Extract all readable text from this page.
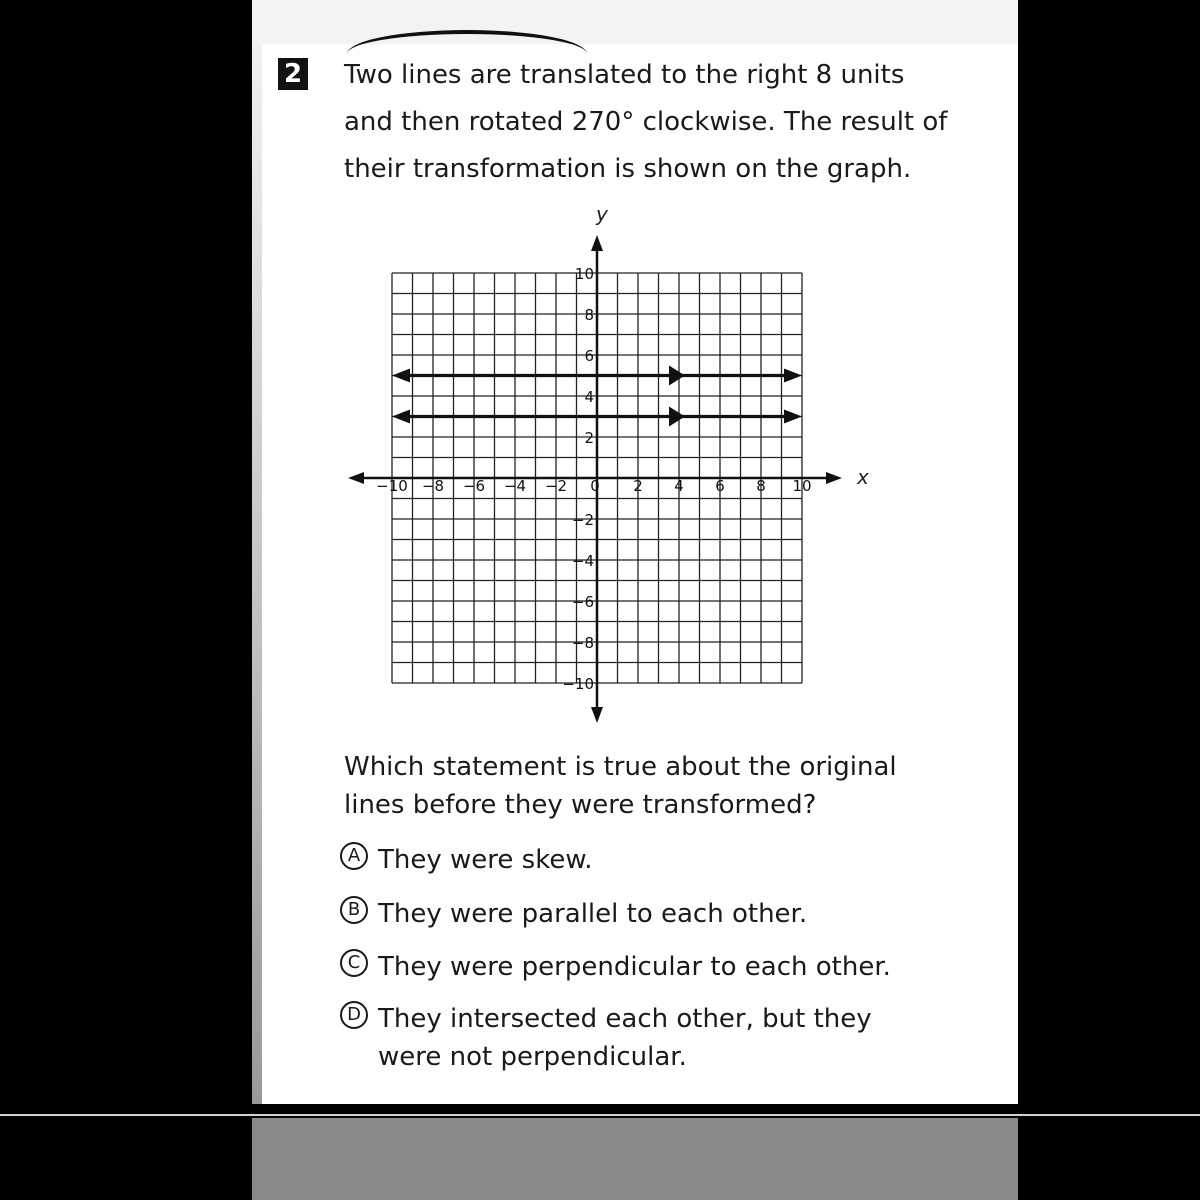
2 Two lines are translated to the right 8 units
and then rotated 270° clockwise. The result of
their transformation is shown on the graph.
−10 −8 −6 −4 −2 0 2 4 6 8 10
10
8
6
4
2
−2
−4
−6
−8
−10
x
y
Which statement is true about the original
lines before they were transformed?
A They were skew.
B They were parallel to each other.
C They were perpendicular to each other.
D They intersected each other, but they
were not perpendicular.
